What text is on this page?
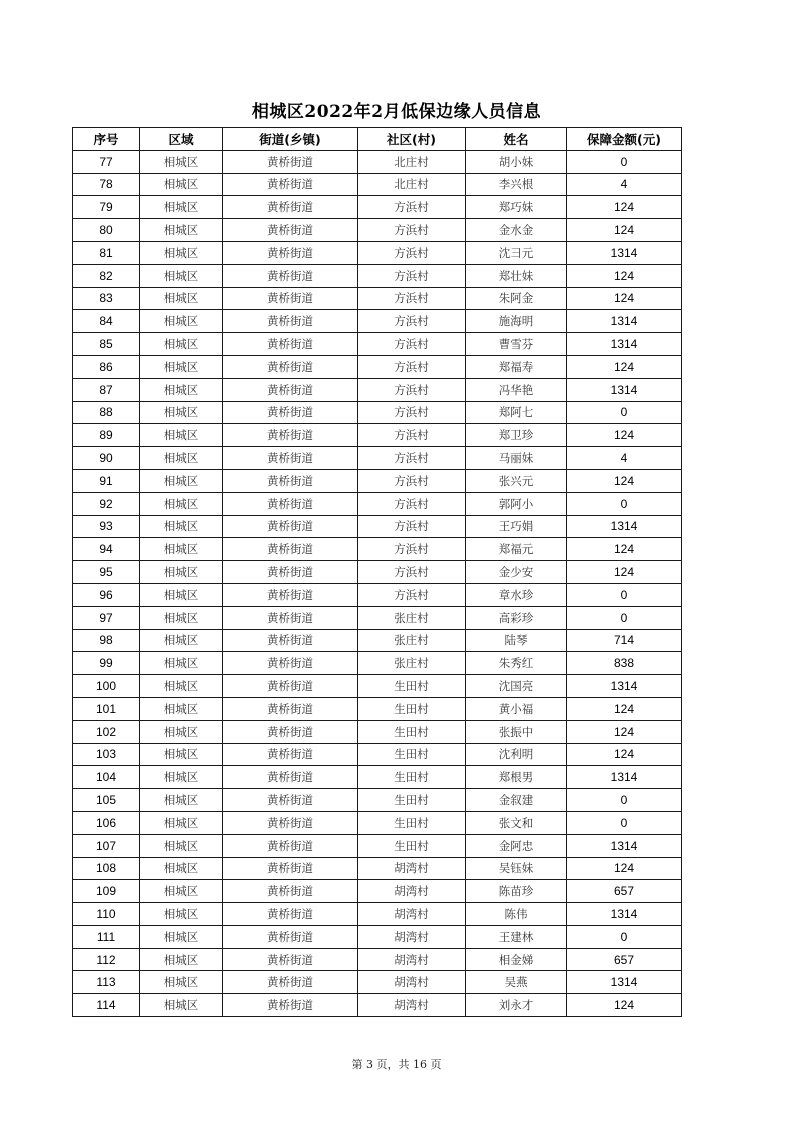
相城区2022年2月低保边缘人员信息
序号	区域	街道(乡镇)	社区(村)	姓名	保障金额(元)
77	相城区	黄桥街道	北庄村	胡小妹	0
78	相城区	黄桥街道	北庄村	李兴根	4
79	相城区	黄桥街道	方浜村	郑巧妹	124
80	相城区	黄桥街道	方浜村	金水金	124
81	相城区	黄桥街道	方浜村	沈彐元	1314
82	相城区	黄桥街道	方浜村	郑壮妹	124
83	相城区	黄桥街道	方浜村	朱阿金	124
84	相城区	黄桥街道	方浜村	施海明	1314
85	相城区	黄桥街道	方浜村	曹雪芬	1314
86	相城区	黄桥街道	方浜村	郑福寿	124
87	相城区	黄桥街道	方浜村	冯华艳	1314
88	相城区	黄桥街道	方浜村	郑阿七	0
89	相城区	黄桥街道	方浜村	郑卫珍	124
90	相城区	黄桥街道	方浜村	马丽妹	4
91	相城区	黄桥街道	方浜村	张兴元	124
92	相城区	黄桥街道	方浜村	郭阿小	0
93	相城区	黄桥街道	方浜村	王巧娟	1314
94	相城区	黄桥街道	方浜村	郑福元	124
95	相城区	黄桥街道	方浜村	金少安	124
96	相城区	黄桥街道	方浜村	章水珍	0
97	相城区	黄桥街道	张庄村	高彩珍	0
98	相城区	黄桥街道	张庄村	陆琴	714
99	相城区	黄桥街道	张庄村	朱秀红	838
100	相城区	黄桥街道	生田村	沈国亮	1314
101	相城区	黄桥街道	生田村	黄小福	124
102	相城区	黄桥街道	生田村	张振中	124
103	相城区	黄桥街道	生田村	沈利明	124
104	相城区	黄桥街道	生田村	郑根男	1314
105	相城区	黄桥街道	生田村	金叙建	0
106	相城区	黄桥街道	生田村	张文和	0
107	相城区	黄桥街道	生田村	金阿忠	1314
108	相城区	黄桥街道	胡湾村	吴钰妹	124
109	相城区	黄桥街道	胡湾村	陈苗珍	657
110	相城区	黄桥街道	胡湾村	陈伟	1314
111	相城区	黄桥街道	胡湾村	王建林	0
112	相城区	黄桥街道	胡湾村	相金娣	657
113	相城区	黄桥街道	胡湾村	吴燕	1314
114	相城区	黄桥街道	胡湾村	刘永才	124
第 3 页，共 16 页
